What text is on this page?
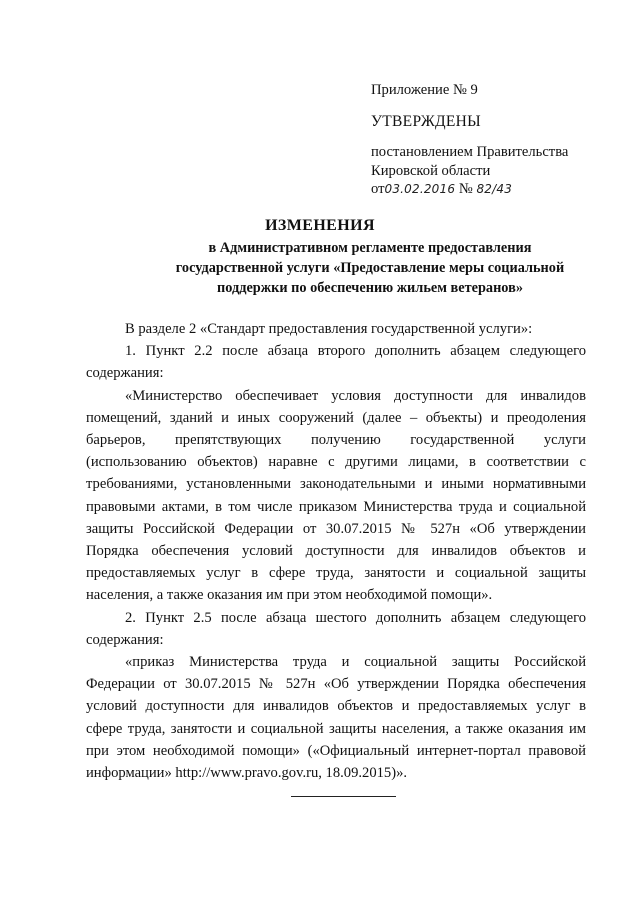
Приложение № 9
УТВЕРЖДЕНЫ
постановлением Правительства
Кировской области
от03.02.2016 № 82/43
ИЗМЕНЕНИЯ
в Административном регламенте предоставления
государственной услуги «Предоставление меры социальной
поддержки по обеспечению жильем ветеранов»

В разделе 2 «Стандарт предоставления государственной услуги»:

1. Пункт 2.2 после абзаца второго дополнить абзацем следующего
содержания:

«Министерство обеспечивает условия доступности для инвалидов
помещений, зданий и иных сооружений (далее – объекты) и преодоления
барьеров, препятствующих получению государственной услуги
(использованию объектов) наравне с другими лицами, в соответствии с
требованиями, установленными законодательными и иными нормативными
правовыми актами, в том числе приказом Министерства труда и социальной
защиты Российской Федерации от 30.07.2015 № 527н «Об утверждении
Порядка обеспечения условий доступности для инвалидов объектов и
предоставляемых услуг в сфере труда, занятости и социальной защиты
населения, а также оказания им при этом необходимой помощи».

2. Пункт 2.5 после абзаца шестого дополнить абзацем следующего
содержания:

«приказ Министерства труда и социальной защиты Российской
Федерации от 30.07.2015 № 527н «Об утверждении Порядка обеспечения
условий доступности для инвалидов объектов и предоставляемых услуг в
сфере труда, занятости и социальной защиты населения, а также оказания им
при этом необходимой помощи» («Официальный интернет-портал правовой
информации» http://www.pravo.gov.ru, 18.09.2015)».
